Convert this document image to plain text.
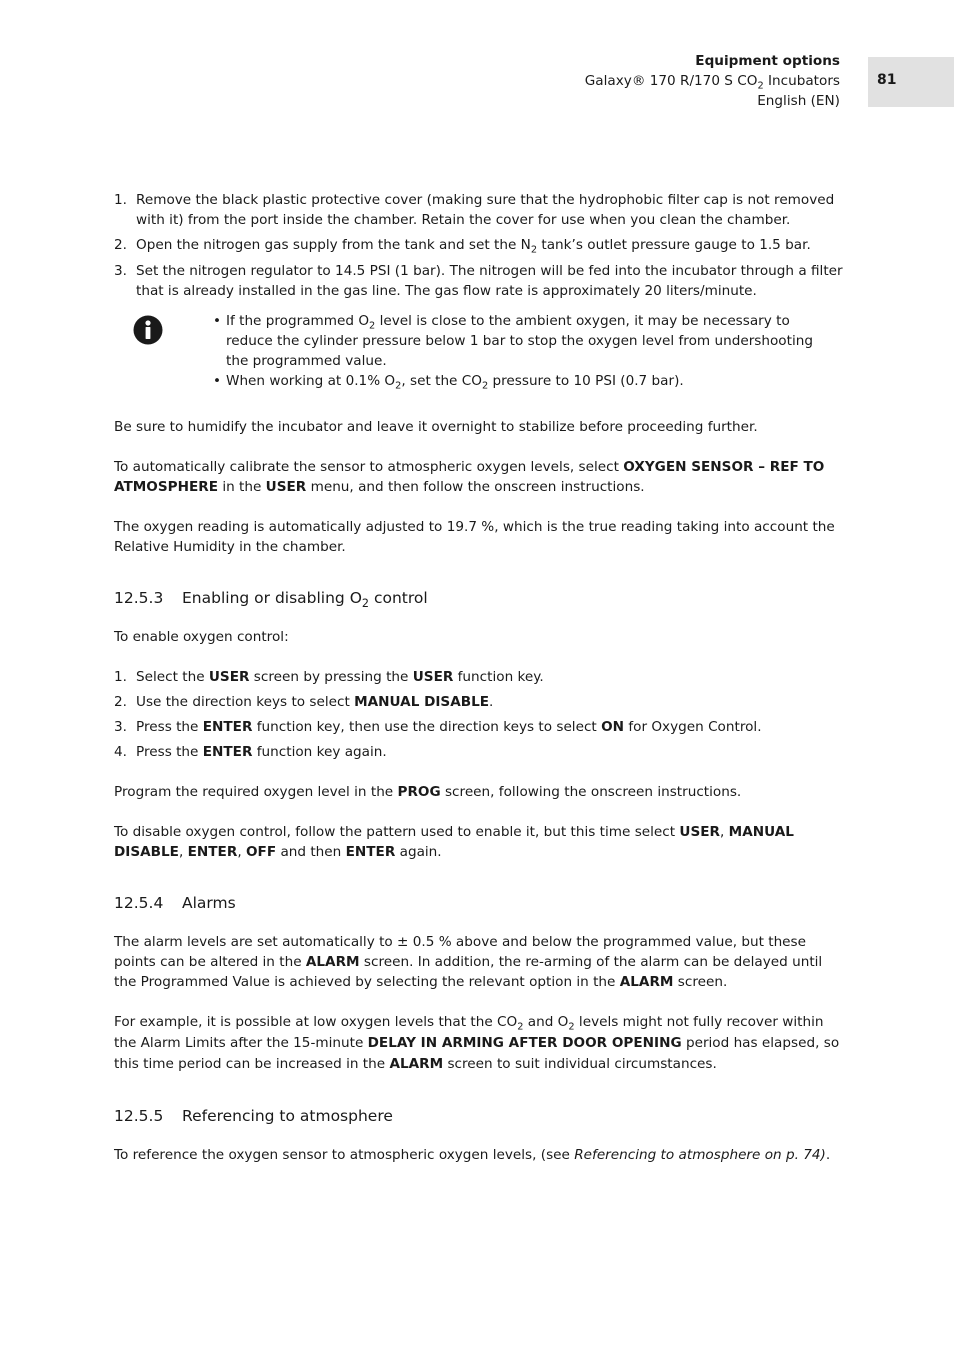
Equipment options
Galaxy® 170 R/170 S $CO_2$ Incubators
English (EN)
81
1. Remove the black plastic protective cover (making sure that the hydrophobic filter cap is not removed with it) from the port inside the chamber. Retain the cover for use when you clean the chamber.
2. Open the nitrogen gas supply from the tank and set the $N_2$ tank’s outlet pressure gauge to 1.5 bar.
3. Set the nitrogen regulator to 14.5 PSI (1 bar). The nitrogen will be fed into the incubator through a filter that is already installed in the gas line. The gas flow rate is approximately 20 liters/minute.
• If the programmed $O_2$ level is close to the ambient oxygen, it may be necessary to reduce the cylinder pressure below 1 bar to stop the oxygen level from undershooting the programmed value.
• When working at 0.1% $O_2$, set the $CO_2$ pressure to 10 PSI (0.7 bar).

Be sure to humidify the incubator and leave it overnight to stabilize before proceeding further.

To automatically calibrate the sensor to atmospheric oxygen levels, select OXYGEN SENSOR – REF TO ATMOSPHERE in the USER menu, and then follow the onscreen instructions.

The oxygen reading is automatically adjusted to 19.7 %, which is the true reading taking into account the Relative Humidity in the chamber.

12.5.3 Enabling or disabling $O_2$ control

To enable oxygen control:

1. Select the USER screen by pressing the USER function key.
2. Use the direction keys to select MANUAL DISABLE.
3. Press the ENTER function key, then use the direction keys to select ON for Oxygen Control.
4. Press the ENTER function key again.

Program the required oxygen level in the PROG screen, following the onscreen instructions.

To disable oxygen control, follow the pattern used to enable it, but this time select USER, MANUAL DISABLE, ENTER, OFF and then ENTER again.

12.5.4 Alarms

The alarm levels are set automatically to ± 0.5 % above and below the programmed value, but these points can be altered in the ALARM screen. In addition, the re-arming of the alarm can be delayed until the Programmed Value is achieved by selecting the relevant option in the ALARM screen.

For example, it is possible at low oxygen levels that the $CO_2$ and $O_2$ levels might not fully recover within the Alarm Limits after the 15-minute DELAY IN ARMING AFTER DOOR OPENING period has elapsed, so this time period can be increased in the ALARM screen to suit individual circumstances.

12.5.5 Referencing to atmosphere

To reference the oxygen sensor to atmospheric oxygen levels, (see Referencing to atmosphere on p. 74).
